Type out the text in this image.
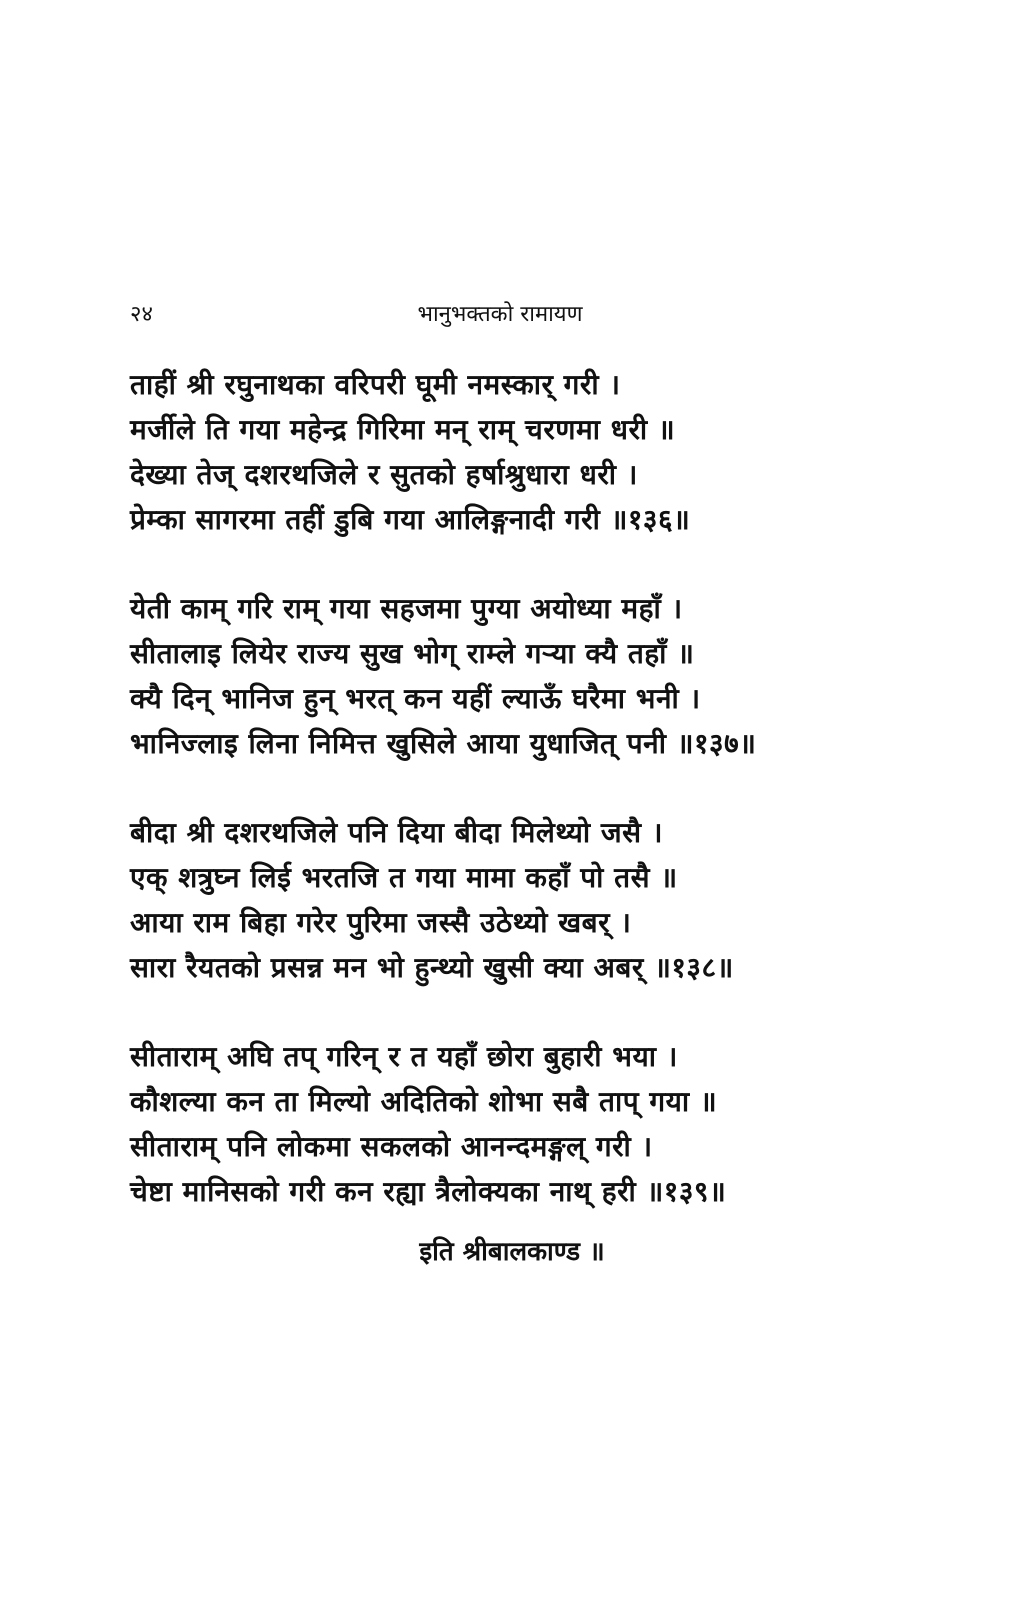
२४	भानुभक्तको रामायण
ताहीं श्री रघुनाथका वरिपरी घूमी नमस्कार् गरी ।
मर्जीले ति गया महेन्द्र गिरिमा मन् राम् चरणमा धरी ॥
देख्या तेज् दशरथजिले र सुतको हर्षाश्रुधारा धरी ।
प्रेम्का सागरमा तहीं डुबि गया आलिङ्गनादी गरी ॥१३६॥
येती काम् गरि राम् गया सहजमा पुग्या अयोध्या महाँ ।
सीतालाइ लियेर राज्य सुख भोग् राम्ले गऱ्या क्यै तहाँ ॥
क्यै दिन् भानिज हुन् भरत् कन यहीं ल्याऊँ घरैमा भनी ।
भानिज्लाइ लिना निमित्त खुसिले आया युधाजित् पनी ॥१३७॥
बीदा श्री दशरथजिले पनि दिया बीदा मिलेथ्यो जसै ।
एक् शत्रुघ्न लिई भरतजि त गया मामा कहाँ पो तसै ॥
आया राम बिहा गरेर पुरिमा जस्सै उठेथ्यो खबर् ।
सारा रैयतको प्रसन्न मन भो हुन्थ्यो खुसी क्या अबर् ॥१३८॥
सीताराम् अघि तप् गरिन् र त यहाँ छोरा बुहारी भया ।
कौशल्या कन ता मिल्यो अदितिको शोभा सबै ताप् गया ॥
सीताराम् पनि लोकमा सकलको आनन्दमङ्गल् गरी ।
चेष्टा मानिसको गरी कन रह्या त्रैलोक्यका नाथ् हरी ॥१३९॥
इति श्रीबालकाण्ड ॥
